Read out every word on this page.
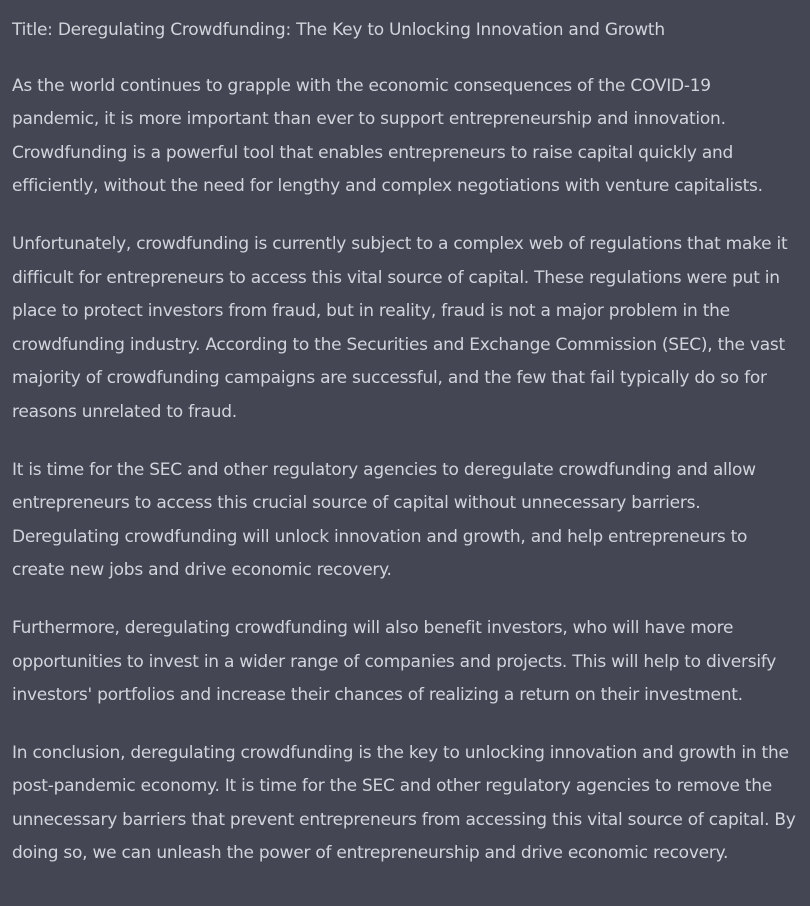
Title: Deregulating Crowdfunding: The Key to Unlocking Innovation and Growth

As the world continues to grapple with the economic consequences of the COVID-19 pandemic, it is more important than ever to support entrepreneurship and innovation. Crowdfunding is a powerful tool that enables entrepreneurs to raise capital quickly and efficiently, without the need for lengthy and complex negotiations with venture capitalists.

Unfortunately, crowdfunding is currently subject to a complex web of regulations that make it difficult for entrepreneurs to access this vital source of capital. These regulations were put in place to protect investors from fraud, but in reality, fraud is not a major problem in the crowdfunding industry. According to the Securities and Exchange Commission (SEC), the vast majority of crowdfunding campaigns are successful, and the few that fail typically do so for reasons unrelated to fraud.

It is time for the SEC and other regulatory agencies to deregulate crowdfunding and allow entrepreneurs to access this crucial source of capital without unnecessary barriers. Deregulating crowdfunding will unlock innovation and growth, and help entrepreneurs to create new jobs and drive economic recovery.

Furthermore, deregulating crowdfunding will also benefit investors, who will have more opportunities to invest in a wider range of companies and projects. This will help to diversify investors' portfolios and increase their chances of realizing a return on their investment.

In conclusion, deregulating crowdfunding is the key to unlocking innovation and growth in the post-pandemic economy. It is time for the SEC and other regulatory agencies to remove the unnecessary barriers that prevent entrepreneurs from accessing this vital source of capital. By doing so, we can unleash the power of entrepreneurship and drive economic recovery.
